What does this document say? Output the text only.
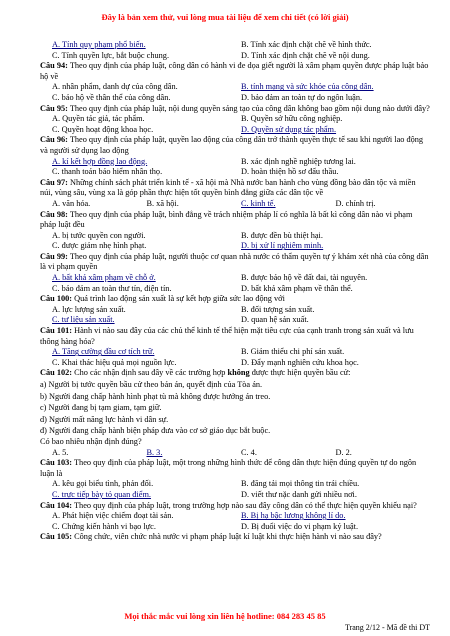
Đây là bản xem thử, vui lòng mua tài liệu để xem chi tiết (có lời giải)
A. Tính quy phạm phổ biến.	B. Tính xác định chặt chẽ về hình thức.
C. Tính quyền lực, bắt buộc chung.	D. Tính xác định chặt chẽ về nội dung.
Câu 94: Theo quy định của pháp luật, công dân có hành vi đe dọa giết người là xâm phạm quyền được pháp luật bảo hộ về
A. nhân phẩm, danh dự của công dân.	B. tính mạng và sức khỏe của công dân.
C. bảo hộ về thân thể của công dân.	D. bảo đảm an toàn tự do ngôn luận.
Câu 95: Theo quy định của pháp luật, nội dung quyền sáng tạo của công dân không bao gồm nội dung nào dưới đây?
A. Quyền tác giả, tác phẩm.	B. Quyền sở hữu công nghiệp.
C. Quyền hoạt động khoa học.	D. Quyền sử dụng tác phẩm.
Câu 96: Theo quy định của pháp luật, quyền lao động của công dân trở thành quyền thực tế sau khi người lao động và người sử dụng lao động
A. kí kết hợp đồng lao động.	B. xác định nghề nghiệp tương lai.
C. thanh toán bảo hiểm nhân thọ.	D. hoàn thiện hồ sơ đấu thầu.
Câu 97: Những chính sách phát triển kinh tế - xã hội mà Nhà nước ban hành cho vùng đồng bào dân tộc và miền núi, vùng sâu, vùng xa là góp phần thực hiện tốt quyền bình đẳng giữa các dân tộc về
A. văn hóa.	B. xã hội.	C. kinh tế.	D. chính trị.
Câu 98: Theo quy định của pháp luật, bình đẳng về trách nhiệm pháp lí có nghĩa là bất kì công dân nào vi phạm pháp luật đều
A. bị tước quyền con người.	B. được đền bù thiệt hại.
C. được giảm nhẹ hình phạt.	D. bị xử lí nghiêm minh.
Câu 99: Theo quy định của pháp luật, người thuộc cơ quan nhà nước có thẩm quyền tự ý khám xét nhà của công dân là vi phạm quyền
A. bất khả xâm phạm về chỗ ở.	B. được bảo hộ về đất đai, tài nguyên.
C. bảo đảm an toàn thư tín, điện tín.	D. bất khả xâm phạm về thân thể.
Câu 100: Quá trình lao động sản xuất là sự kết hợp giữa sức lao động với
A. lực lượng sản xuất.	B. đối tượng sản xuất.
C. tư liệu sản xuất.	D. quan hệ sản xuất.
Câu 101: Hành vi nào sau đây của các chủ thể kinh tế thể hiện mặt tiêu cực của cạnh tranh trong sản xuất và lưu thông hàng hóa?
A. Tăng cường đầu cơ tích trữ.	B. Giảm thiểu chi phí sản xuất.
C. Khai thác hiệu quả mọi nguồn lực.	D. Đẩy mạnh nghiên cứu khoa học.
Câu 102: Cho các nhận định sau đây về các trường hợp không được thực hiện quyền bầu cử:
a) Người bị tước quyền bầu cử theo bản án, quyết định của Tòa án.
b) Người đang chấp hành hình phạt tù mà không được hưởng án treo.
c) Người đang bị tạm giam, tạm giữ.
d) Người mất năng lực hành vi dân sự.
đ) Người đang chấp hành biện pháp đưa vào cơ sở giáo dục bắt buộc.
Có bao nhiêu nhận định đúng?
A. 5.	B. 3.	C. 4.	D. 2.
Câu 103: Theo quy định của pháp luật, một trong những hình thức để công dân thực hiện đúng quyền tự do ngôn luận là
A. kêu gọi biểu tình, phản đối.	B. đăng tải mọi thông tin trái chiều.
C. trực tiếp bày tỏ quan điểm.	D. viết thư nặc danh gửi nhiều nơi.
Câu 104: Theo quy định của pháp luật, trong trường hợp nào sau đây công dân có thể thực hiện quyền khiếu nại?
A. Phát hiện việc chiếm đoạt tài sản.	B. Bị hạ bậc lương không lí do.
C. Chứng kiến hành vi bạo lực.	D. Bị đuổi việc do vi phạm kỷ luật.
Câu 105: Công chức, viên chức nhà nước vi phạm pháp luật kỉ luật khi thực hiện hành vi nào sau đây?
Mọi thắc mắc vui lòng xin liên hệ hotline: 084 283 45 85
Trang 2/12 - Mã đề thi DT
